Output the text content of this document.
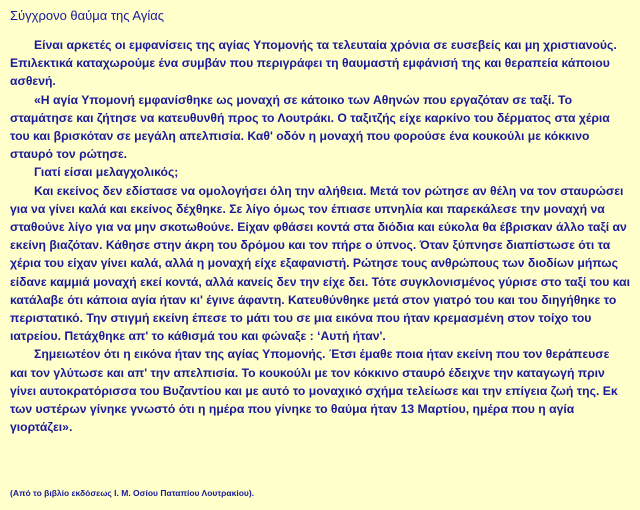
Σύγχρονο θαύμα της Αγίας

Είναι αρκετές οι εμφανίσεις της αγίας Υπομονής τα τελευταία χρόνια σε ευσεβείς και μη χριστιανούς. Επιλεκτικά καταχωρούμε ένα συμβάν που περιγράφει τη θαυμαστή εμφάνισή της και θεραπεία κάποιου ασθενή.

«Η αγία Υπομονή εμφανίσθηκε ως μοναχή σε κάτοικο των Αθηνών που εργαζόταν σε ταξί. Το σταμάτησε και ζήτησε να κατευθυνθή προς το Λουτράκι. Ο ταξιτζής είχε καρκίνο του δέρματος στα χέρια του και βρισκόταν σε μεγάλη απελπισία. Καθ' οδόν η μοναχή που φορούσε ένα κουκούλι με κόκκινο σταυρό τον ρώτησε.

Γιατί είσαι μελαγχολικός;

Και εκείνος δεν εδίστασε να ομολογήσει όλη την αλήθεια. Μετά τον ρώτησε αν θέλη να τον σταυρώσει για να γίνει καλά και εκείνος δέχθηκε. Σε λίγο όμως τον έπιασε υπνηλία και παρεκάλεσε την μοναχή να σταθούνε λίγο για να μην σκοτωθούνε. Είχαν φθάσει κοντά στα διόδια και εύκολα θα έβρισκαν άλλο ταξί αν εκείνη βιαζόταν. Κάθησε στην άκρη του δρόμου και τον πήρε ο ύπνος. Όταν ξύπνησε διαπίστωσε ότι τα χέρια του είχαν γίνει καλά, αλλά η μοναχή είχε εξαφανιστή. Ρώτησε τους ανθρώπους των διοδίων μήπως είδανε καμμιά μοναχή εκεί κοντά, αλλά κανείς δεν την είχε δει. Τότε συγκλονισμένος γύρισε στο ταξί του και κατάλαβε ότι κάποια αγία ήταν κι' έγινε άφαντη. Κατευθύνθηκε μετά στον γιατρό του και του διηγήθηκε το περιστατικό. Την στιγμή εκείνη έπεσε το μάτι του σε μια εικόνα που ήταν κρεμασμένη στον τοίχο του ιατρείου. Πετάχθηκε απ' το κάθισμά του και φώναξε : ‘Αυτή ήταν'.

Σημειωτέον ότι η εικόνα ήταν της αγίας Υπομονής. Έτσι έμαθε ποια ήταν εκείνη που τον θεράπευσε και τον γλύτωσε και απ' την απελπισία. Το κουκούλι με τον κόκκινο σταυρό έδειχνε την καταγωγή πριν γίνει αυτοκρατόρισσα του Βυζαντίου και με αυτό το μοναχικό σχήμα τελείωσε και την επίγεια ζωή της. Εκ των υστέρων γίνηκε γνωστό ότι η ημέρα που γίνηκε το θαύμα ήταν 13 Μαρτίου, ημέρα που η αγία γιορτάζει».

(Από το βιβλίο εκδόσεως Ι. Μ. Οσίου Παταπίου Λουτρακίου).
